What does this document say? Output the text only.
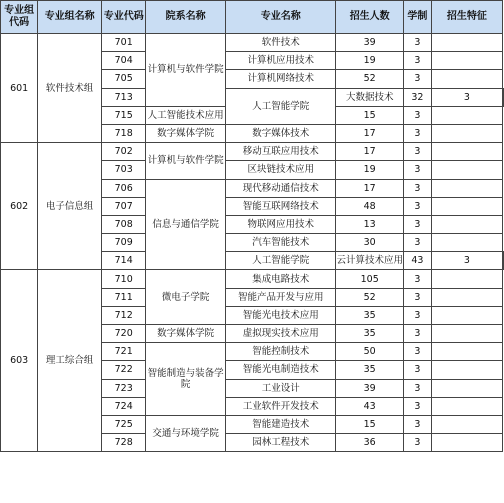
专业组代码	专业组名称	专业代码	院系名称	专业名称	招生人数	学制	招生特征	
601	软件技术组	701	计算机与软件学院	软件技术	39	3		
		704		计算机应用技术	19	3		
		705		计算机网络技术	52	3		
		713		人工智能学院	大数据技术	32	3	
		715	人工智能技术应用		15	3		
		718	数字媒体学院	数字媒体技术	17	3		
602	电子信息组	702	计算机与软件学院	移动互联应用技术	17	3		
		703		区块链技术应用	19	3		
		706	信息与通信学院	现代移动通信技术	17	3		
		707		智能互联网络技术	48	3		
		708		物联网应用技术	13	3		
		709		汽车智能技术	30	3		
		714		人工智能学院	云计算技术应用	43	3	
603	理工综合组	710	微电子学院	集成电路技术	105	3		
		711		智能产品开发与应用	52	3		
		712		智能光电技术应用	35	3		
		720	数字媒体学院	虚拟现实技术应用	35	3		
		721	智能制造与装备学院	智能控制技术	50	3		
		722		智能光电制造技术	35	3		
		723		工业设计	39	3		
		724		工业软件开发技术	43	3		
		725	交通与环境学院	智能建造技术	15	3		
		728		园林工程技术	36	3		
